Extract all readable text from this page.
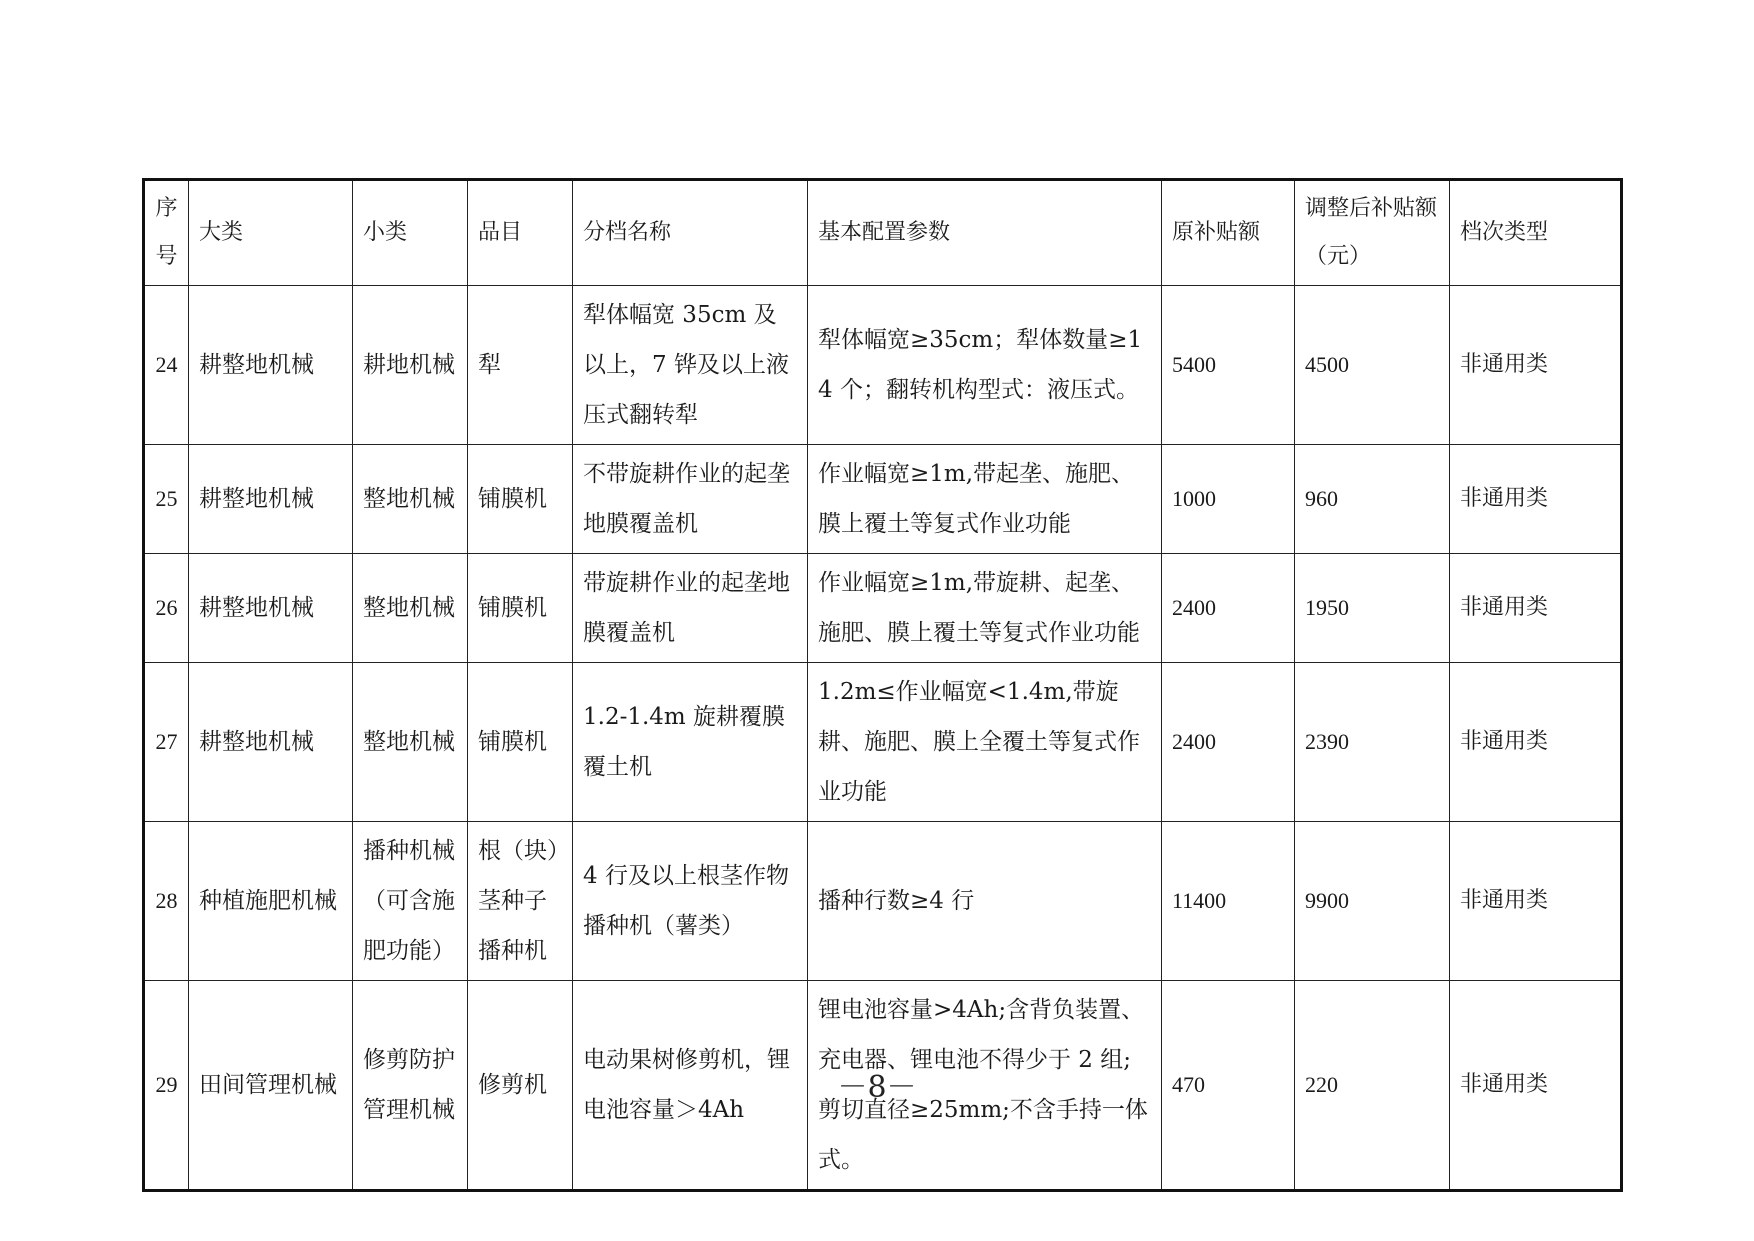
序号	大类	小类	品目	分档名称	基本配置参数	原补贴额	调整后补贴额（元）	档次类型
24	耕整地机械	耕地机械	犁	犁体幅宽 35cm 及以上，7 铧及以上液压式翻转犁	犁体幅宽≥35cm；犁体数量≥14 个；翻转机构型式：液压式。	5400	4500	非通用类
25	耕整地机械	整地机械	铺膜机	不带旋耕作业的起垄地膜覆盖机	作业幅宽≥1m,带起垄、施肥、膜上覆土等复式作业功能	1000	960	非通用类
26	耕整地机械	整地机械	铺膜机	带旋耕作业的起垄地膜覆盖机	作业幅宽≥1m,带旋耕、起垄、施肥、膜上覆土等复式作业功能	2400	1950	非通用类
27	耕整地机械	整地机械	铺膜机	1.2-1.4m 旋耕覆膜覆土机	1.2m≤作业幅宽<1.4m,带旋耕、施肥、膜上全覆土等复式作业功能	2400	2390	非通用类
28	种植施肥机械	播种机械（可含施肥功能）	根（块）茎种子播种机	4 行及以上根茎作物播种机（薯类）	播种行数≥4 行	11400	9900	非通用类
29	田间管理机械	修剪防护管理机械	修剪机	电动果树修剪机，锂电池容量＞4Ah	锂电池容量>4Ah;含背负装置、充电器、锂电池不得少于 2 组;剪切直径≥25mm;不含手持一体式。	470	220	非通用类
－8－
